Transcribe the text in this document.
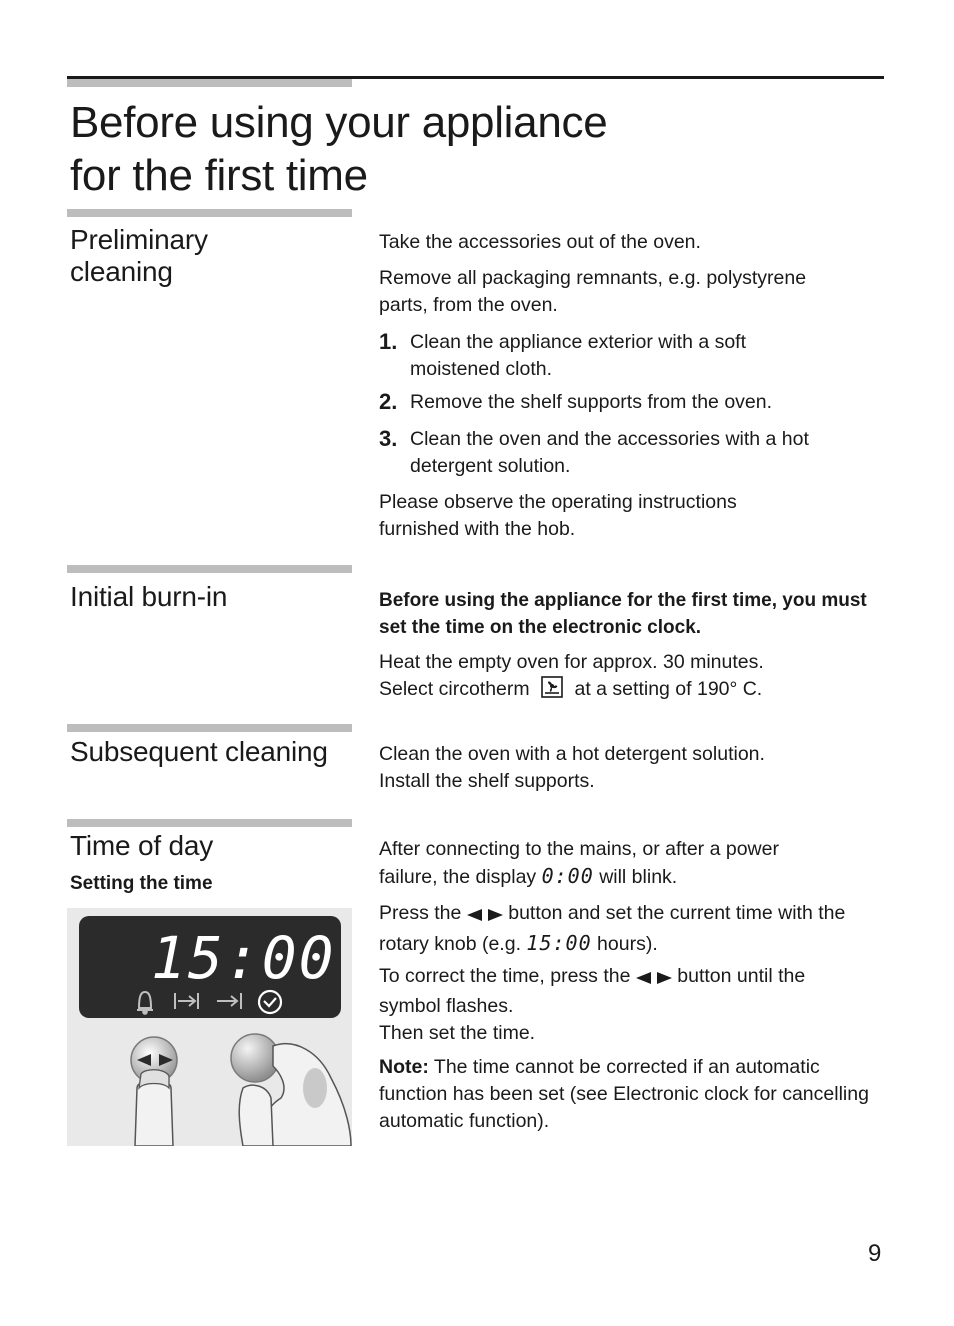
Before using your appliance
for the first time
Preliminary
cleaning

Take the accessories out of the oven.

Remove all packaging remnants, e.g. polystyrene parts, from the oven.

1. Clean the appliance exterior with a soft moistened cloth.
2. Remove the shelf supports from the oven.
3. Clean the oven and the accessories with a hot detergent solution.

Please observe the operating instructions furnished with the hob.

Initial burn-in	Before using the appliance for the first time, you must set the time on the electronic clock.

Heat the empty oven for approx. 30 minutes.

Select circotherm at a setting of 190° C.

Subsequent cleaning	Clean the oven with a hot detergent solution.

Install the shelf supports.

Time of day
Setting the time

After connecting to the mains, or after a power

failure, the display 0:00 will blink.

Press the button and set the current time with the rotary knob (e.g. 15:00 hours).

To correct the time, press the button until the

symbol flashes.

Then set the time.

Note: The time cannot be corrected if an automatic function has been set (see Electronic clock for cancelling automatic function).

15:00
9
